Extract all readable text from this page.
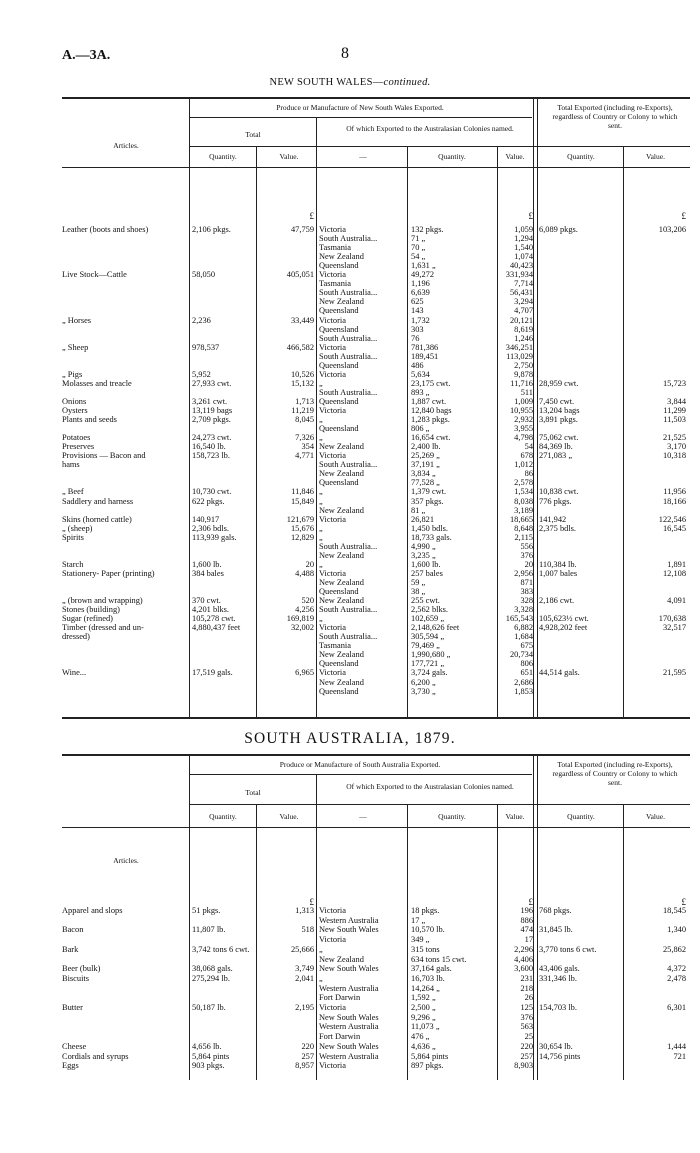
A.—3A.	8
NEW SOUTH WALES—continued.
Produce or Manufacture of New South Wales Exported.	Total Exported (including re-Exports), regardless of Country or Colony to which sent.
Articles.
Total
Of which Exported to the Australasian Colonies named.
Quantity.	Value.	—	Quantity.	Value.	Quantity.	Value.
£	£	£
SOUTH AUSTRALIA, 1879.
Produce or Manufacture of South Australia Exported.	Total Exported (including re-Exports), regardless of Country or Colony to which sent.
Articles.
Total
Of which Exported to the Australasian Colonies named.
Quantity.	Value.	—	Quantity.	Value.	Quantity.	Value.
£	£	£
Leather (boots and shoes)	2,106 pkgs.	47,759 Victoria	132 pkgs.	1,059 6,089 pkgs.	103,206
South Australia...	71 „	1,294
Tasmania	70 „	1,540
New Zealand	54 „	1,074
Queensland	1,631 „	40,423
Live Stock—Cattle	58,050	405,051 Victoria	49,272	331,934
Tasmania	1,196	7,714
South Australia...	6,639	56,431
New Zealand	625	3,294
Queensland	143	4,707
„ Horses	2,236	33,449 Victoria	1,732	20,121
Queensland	303	8,619
South Australia...	76	1,246
„ Sheep	978,537	466,582 Victoria	781,386	346,251
South Australia...	189,451	113,029
Queensland	486	2,750
„ Pigs	5,952	10,526 Victoria	5,634	9,878
Molasses and treacle	27,933 cwt.	15,132 „	23,175 cwt.	11,716 28,959 cwt.	15,723
South Australia...	893 „	511
Onions	3,261 cwt.	1,713 Queensland	1,887 cwt.	1,009 7,450 cwt.	3,844
Oysters	13,119 bags	11,219 Victoria	12,840 bags	10,955 13,204 bags	11,299
Plants and seeds	2,709 pkgs.	8,045 „	1,283 pkgs.	2,932 3,891 pkgs.	11,503
Queensland	806 „	3,955
Potatoes	24,273 cwt.	7,326 „	16,654 cwt.	4,798 75,062 cwt.	21,525
Preserves	16,540 lb.	354 New Zealand	2,400 lb.	54 84,369 lb.	3,170
Provisions — Bacon and	158,723 lb.	4,771 Victoria	25,269 „	678 271,083 „	10,318
hams	South Australia...	37,191 „	1,012
New Zealand	3,834 „	86
Queensland	77,528 „	2,578
„ Beef	10,730 cwt.	11,846 „	1,379 cwt.	1,534 10,838 cwt.	11,956
Saddlery and harness	622 pkgs.	15,849 „	357 pkgs.	8,038 776 pkgs.	18,166
New Zealand	81 „	3,189
Skins (horned cattle)	140,917	121,679 Victoria	26,821	18,665 141,942	122,546
„ (sheep)	2,306 bdls.	15,676 „	1,450 bdls.	8,648 2,375 bdls.	16,545
Spirits	113,939 gals.	12,829 „	18,733 gals.	2,115
South Australia...	4,990 „	556
New Zealand	3,235 „	376
Starch	1,600 lb.	20 „	1,600 lb.	20 110,384 lb.	1,891
Stationery- Paper (printing)	384 bales	4,488 Victoria	257 bales	2,956 1,007 bales	12,108
New Zealand	59 „	871
Queensland	38 „	383
„ (brown and wrapping)	370 cwt.	520 New Zealand	255 cwt.	328 2,186 cwt.	4,091
Stones (building)	4,201 blks.	4,256 South Australia...	2,562 blks.	3,328
Sugar (refined)	105,278 cwt.	169,819 „	102,659 „	165,543 105,623½ cwt.	170,638
Timber (dressed and un-	4,880,437 feet	32,002 Victoria	2,148,626 feet	6,882 4,928,202 feet	32,517
dressed)	South Australia...	305,594 „	1,684
Tasmania	79,469 „	675
New Zealand	1,990,680 „	20,734
Queensland	177,721 „	806
Wine...	17,519 gals.	6,965 Victoria	3,724 gals.	651 44,514 gals.	21,595
New Zealand	6,200 „	2,686
Queensland	3,730 „	1,853
Apparel and slops	51 pkgs.	1,313 Victoria	18 pkgs.	196 768 pkgs.	18,545
Western Australia	17 „	886
Bacon	11,807 lb.	518 New South Wales	10,570 lb.	474 31,845 lb.	1,340
Victoria	349 „	17
Bark	3,742 tons 6 cwt.	25,666 „	315 tons	2,296 3,770 tons 6 cwt.	25,862
New Zealand	634 tons 15 cwt.	4,406
Beer (bulk)	38,068 gals.	3,749 New South Wales	37,164 gals.	3,600 43,406 gals.	4,372
Biscuits	275,294 lb.	2,041 „	16,703 lb.	231 331,346 lb.	2,478
Western Australia	14,264 „	218
Fort Darwin	1,592 „	26
Butter	50,187 lb.	2,195 Victoria	2,500 „	125 154,703 lb.	6,301
New South Wales	9,296 „	376
Western Australia	11,073 „	563
Fort Darwin	476 „	25
Cheese	4,656 lb.	220 New South Wales	4,636 „	220 30,654 lb.	1,444
Cordials and syrups	5,864 pints	257 Western Australia	5,864 pints	257 14,756 pints	721
Eggs	903 pkgs.	8,957 Victoria	897 pkgs.	8,903
